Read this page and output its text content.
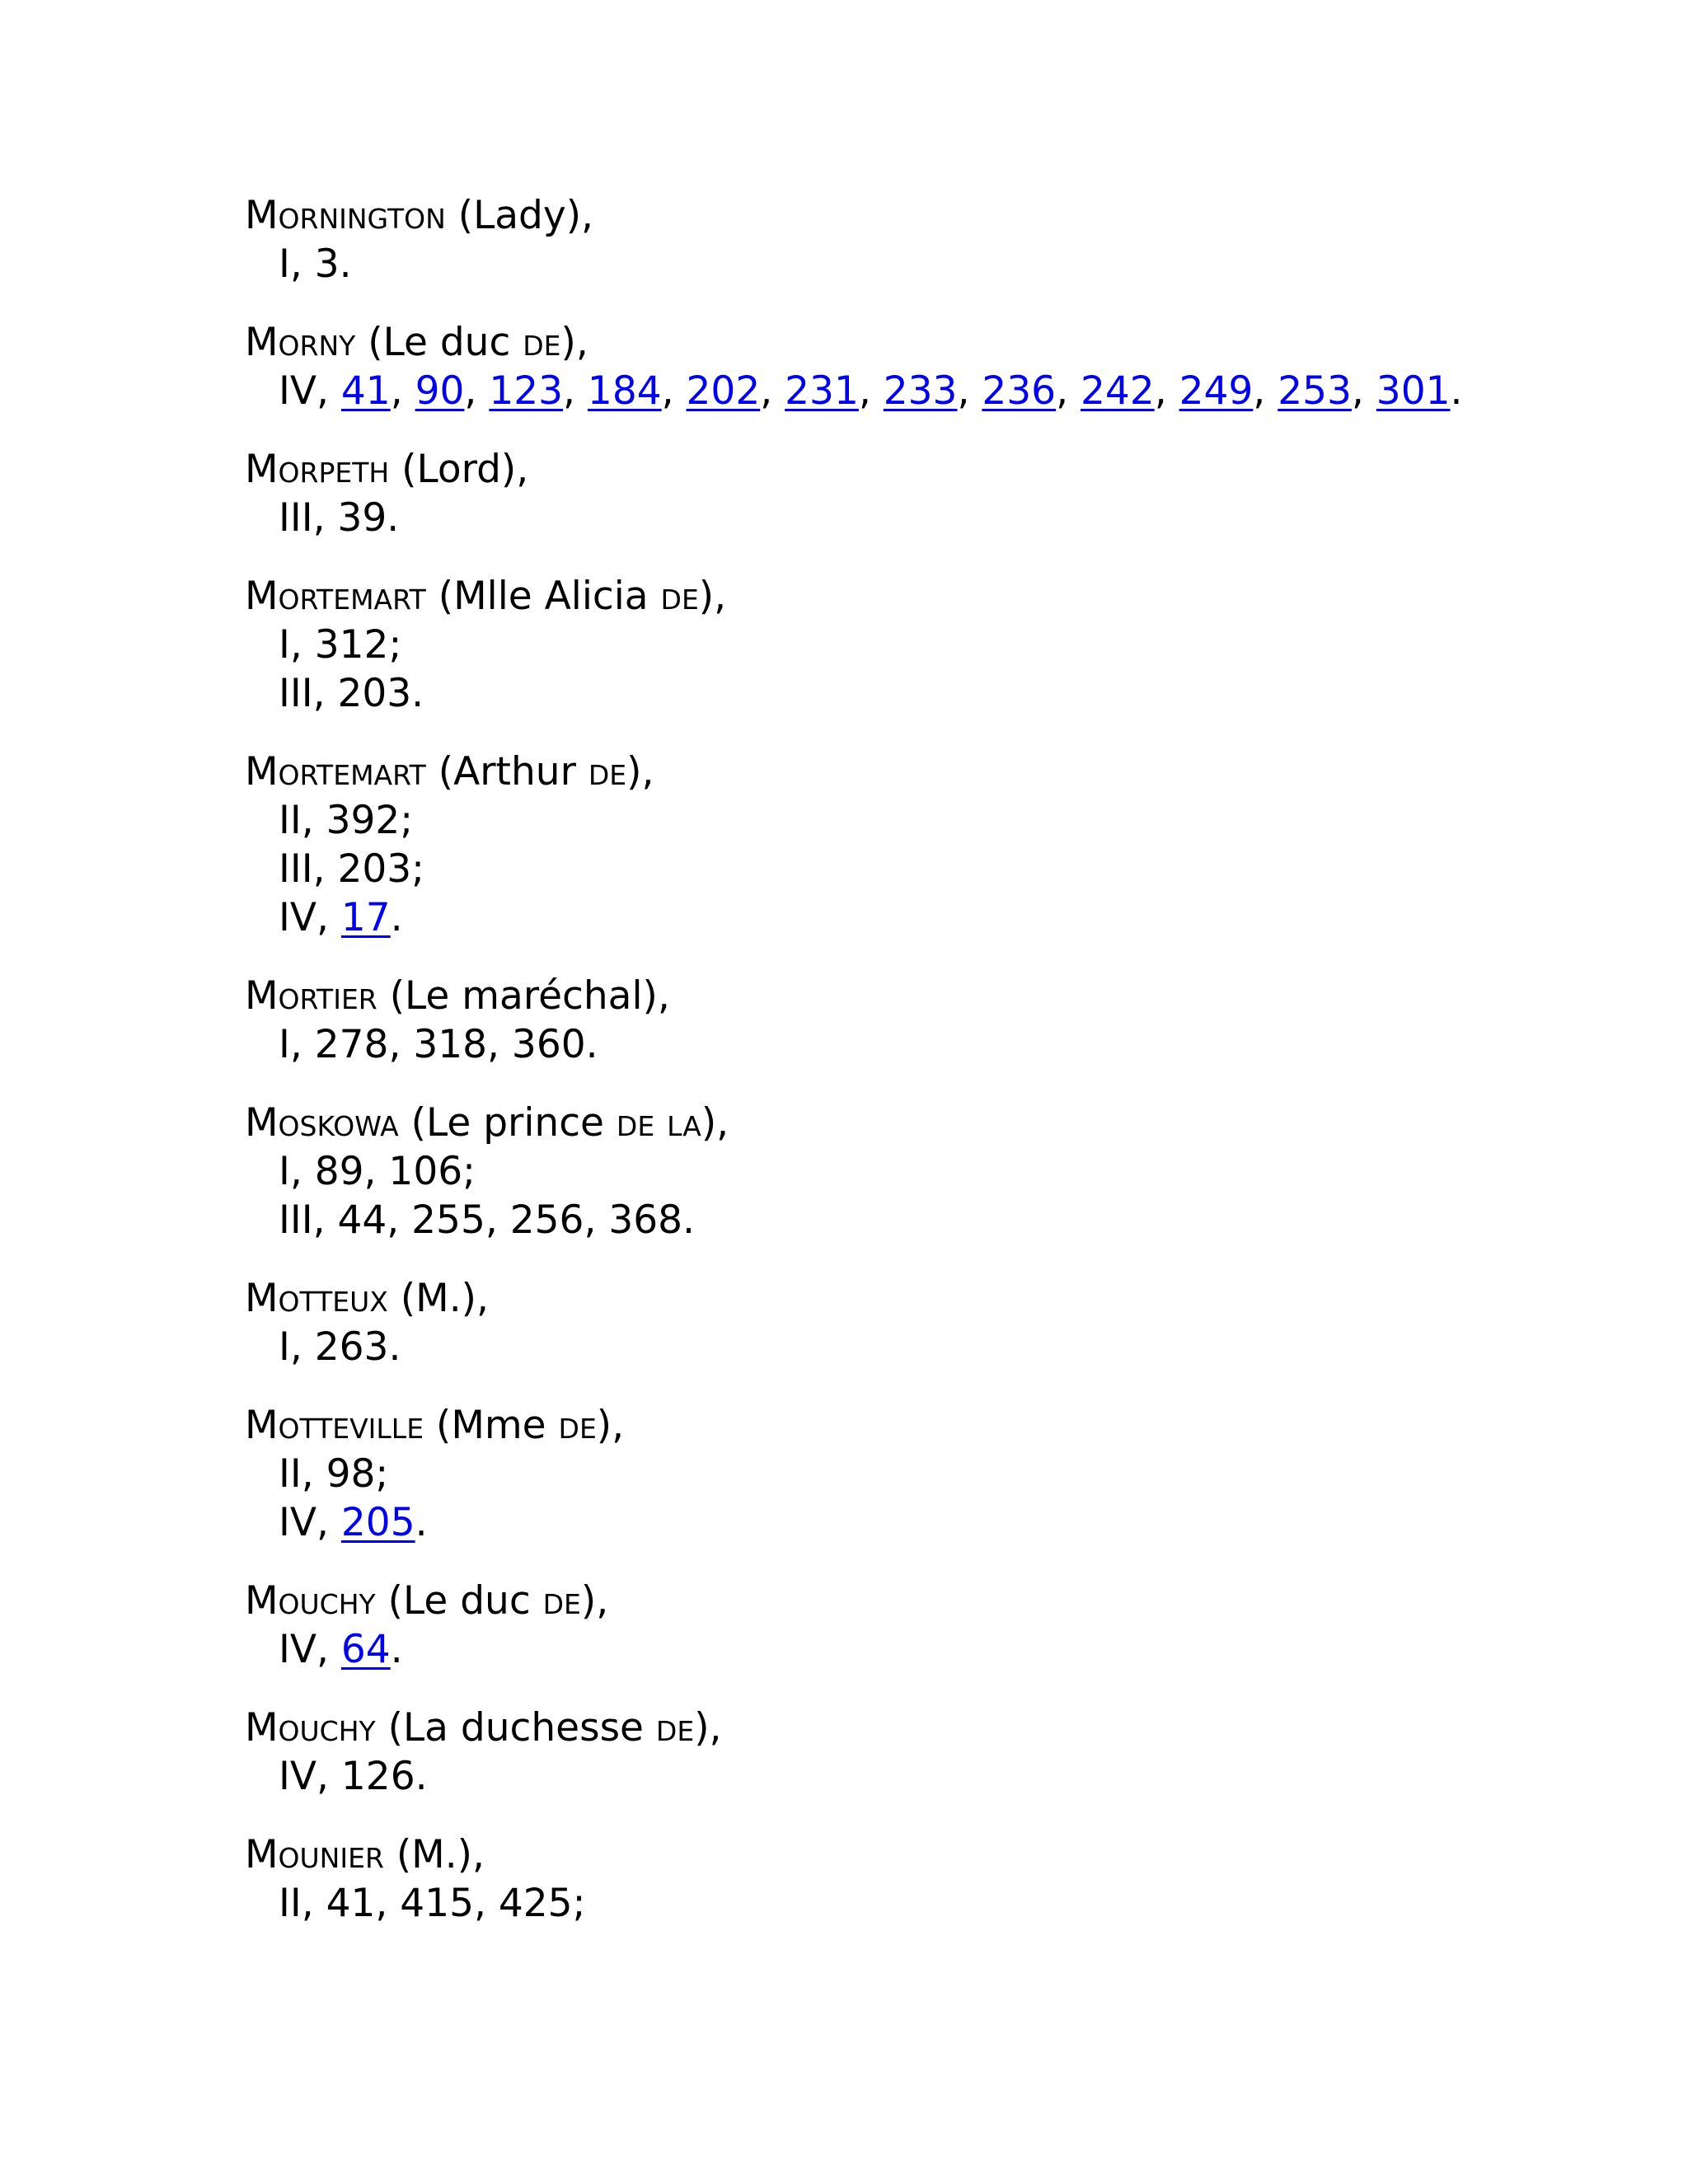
Mornington (Lady),
I, 3.
Morny (Le duc de),
IV, 41, 90, 123, 184, 202, 231, 233, 236, 242, 249, 253, 301.
Morpeth (Lord),
III, 39.
Mortemart (Mlle Alicia de),
I, 312;
III, 203.
Mortemart (Arthur de),
II, 392;
III, 203;
IV, 17.
Mortier (Le maréchal),
I, 278, 318, 360.
Moskowa (Le prince de la),
I, 89, 106;
III, 44, 255, 256, 368.
Motteux (M.),
I, 263.
Motteville (Mme de),
II, 98;
IV, 205.
Mouchy (Le duc de),
IV, 64.
Mouchy (La duchesse de),
IV, 126.
Mounier (M.),
II, 41, 415, 425;
